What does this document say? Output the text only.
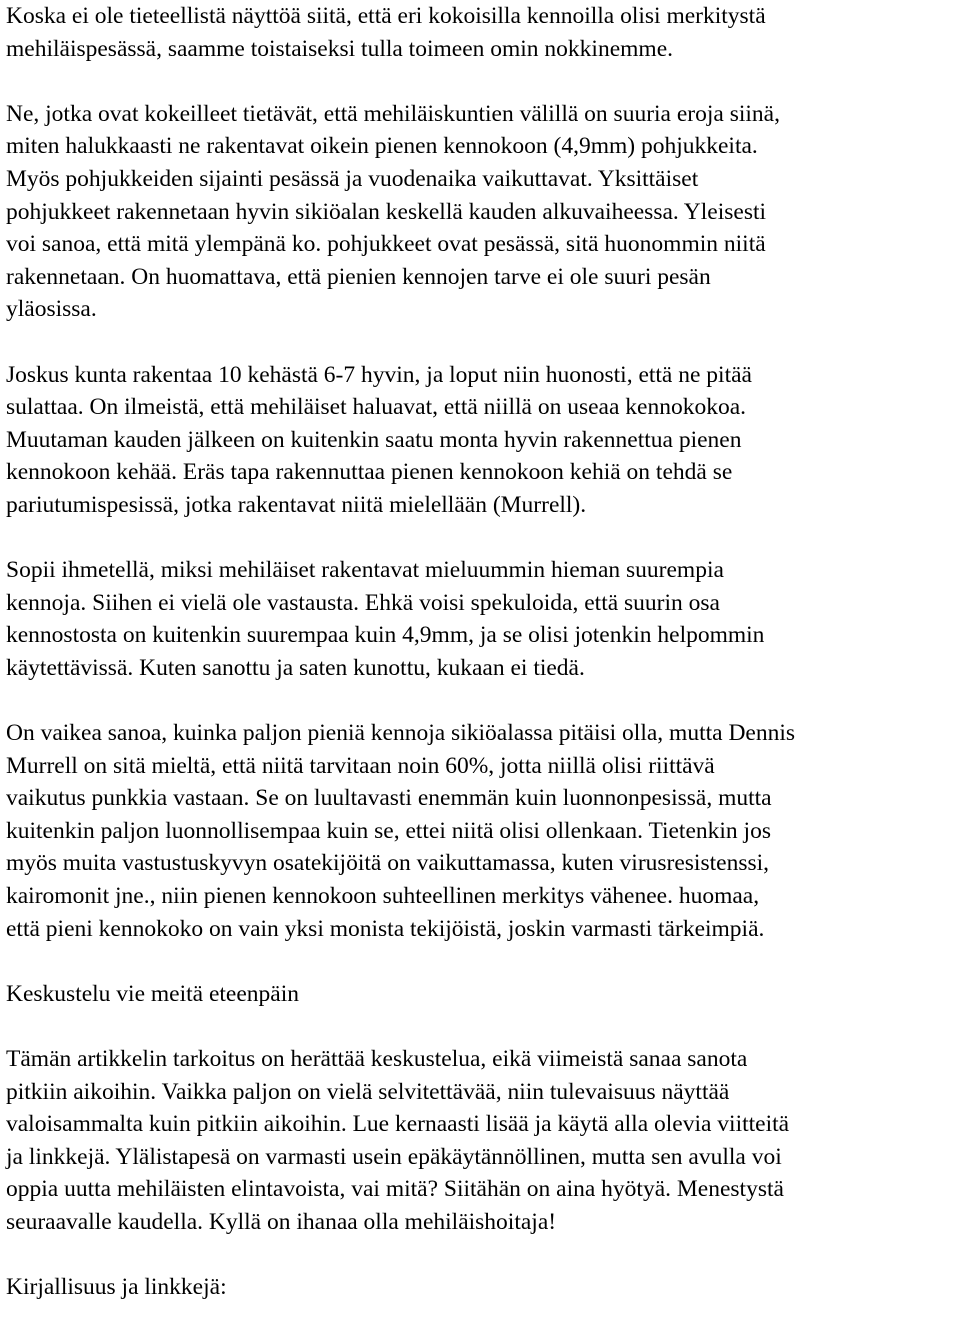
Koska ei ole tieteellistä näyttöä siitä, että eri kokoisilla kennoilla olisi merkitystä
mehiläispesässä, saamme toistaiseksi tulla toimeen omin nokkinemme.

Ne, jotka ovat kokeilleet tietävät, että mehiläiskuntien välillä on suuria eroja siinä,
miten halukkaasti ne rakentavat oikein pienen kennokoon (4,9mm) pohjukkeita.
Myös pohjukkeiden sijainti pesässä ja vuodenaika vaikuttavat. Yksittäiset
pohjukkeet rakennetaan hyvin sikiöalan keskellä kauden alkuvaiheessa. Yleisesti
voi sanoa, että mitä ylempänä ko. pohjukkeet ovat pesässä, sitä huonommin niitä
rakennetaan. On huomattava, että pienien kennojen tarve ei ole suuri pesän
yläosissa.

Joskus kunta rakentaa 10 kehästä 6-7 hyvin, ja loput niin huonosti, että ne pitää
sulattaa. On ilmeistä, että mehiläiset haluavat, että niillä on useaa kennokokoa.
Muutaman kauden jälkeen on kuitenkin saatu monta hyvin rakennettua pienen
kennokoon kehää. Eräs tapa rakennuttaa pienen kennokoon kehiä on tehdä se
pariutumispesissä, jotka rakentavat niitä mielellään (Murrell).

Sopii ihmetellä, miksi mehiläiset rakentavat mieluummin hieman suurempia
kennoja. Siihen ei vielä ole vastausta. Ehkä voisi spekuloida, että suurin osa
kennostosta on kuitenkin suurempaa kuin 4,9mm, ja se olisi jotenkin helpommin
käytettävissä. Kuten sanottu ja saten kunottu, kukaan ei tiedä.

On vaikea sanoa, kuinka paljon pieniä kennoja sikiöalassa pitäisi olla, mutta Dennis
Murrell on sitä mieltä, että niitä tarvitaan noin 60%, jotta niillä olisi riittävä
vaikutus punkkia vastaan. Se on luultavasti enemmän kuin luonnonpesissä, mutta
kuitenkin paljon luonnollisempaa kuin se, ettei niitä olisi ollenkaan. Tietenkin jos
myös muita vastustuskyvyn osatekijöitä on vaikuttamassa, kuten virusresistenssi,
kairomonit jne., niin pienen kennokoon suhteellinen merkitys vähenee. huomaa,
että pieni kennokoko on vain yksi monista tekijöistä, joskin varmasti tärkeimpiä.

Keskustelu vie meitä eteenpäin

Tämän artikkelin tarkoitus on herättää keskustelua, eikä viimeistä sanaa sanota
pitkiin aikoihin. Vaikka paljon on vielä selvitettävää, niin tulevaisuus näyttää
valoisammalta kuin pitkiin aikoihin. Lue kernaasti lisää ja käytä alla olevia viitteitä
ja linkkejä. Ylälistapesä on varmasti usein epäkäytännöllinen, mutta sen avulla voi
oppia uutta mehiläisten elintavoista, vai mitä? Siitähän on aina hyötyä. Menestystä
seurаavalle kaudella. Kyllä on ihanaa olla mehiläishoitaja!

Kirjallisuus ja linkkejä:
